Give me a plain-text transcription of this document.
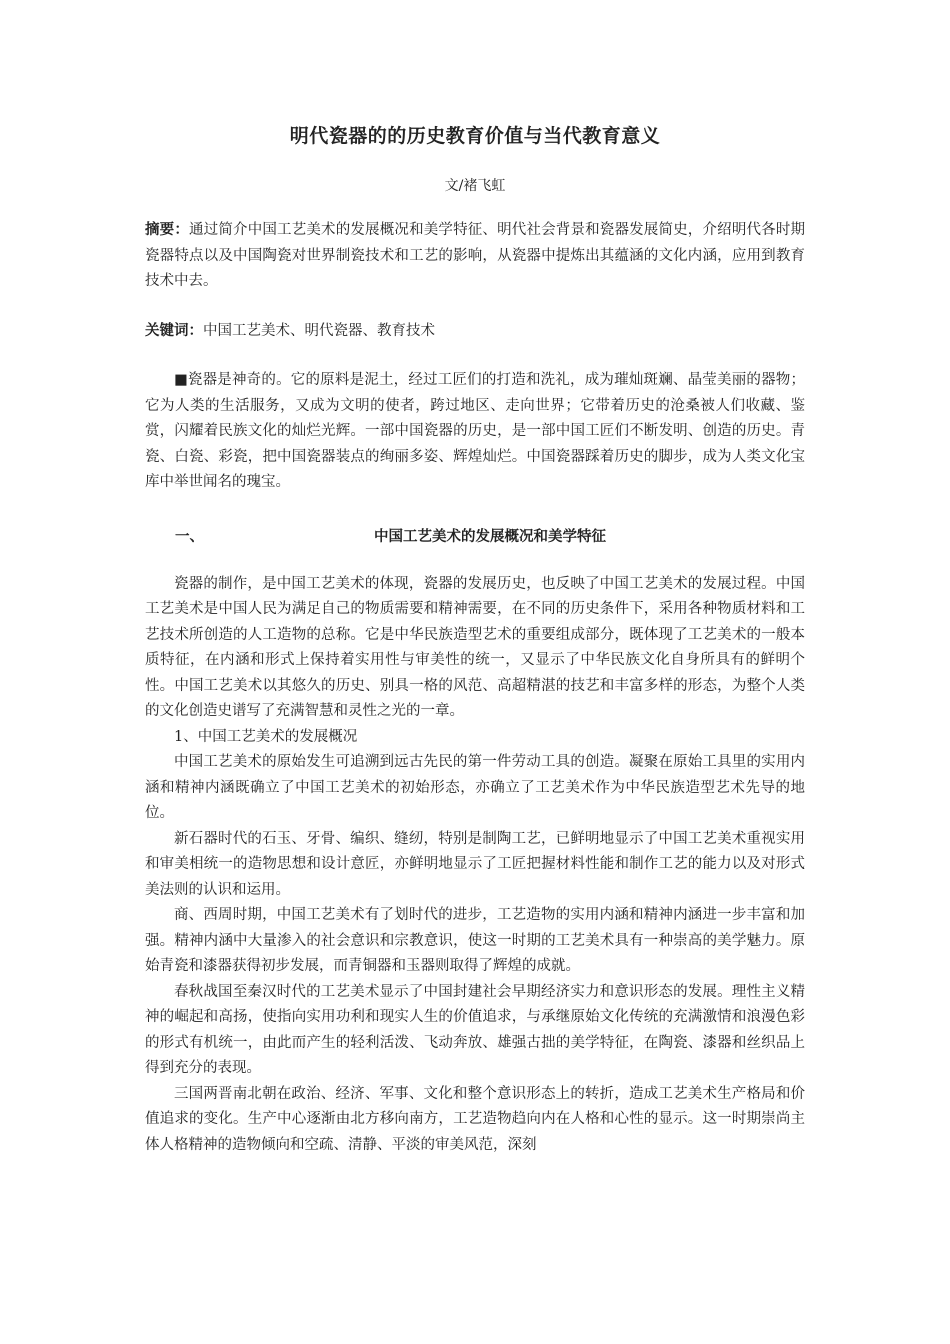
明代瓷器的的历史教育价值与当代教育意义
文/褚飞虹

摘要：通过简介中国工艺美术的发展概况和美学特征、明代社会背景和瓷器发展简史，介绍明代各时期瓷器特点以及中国陶瓷对世界制瓷技术和工艺的影响，从瓷器中提炼出其蕴涵的文化内涵，应用到教育技术中去。

关键词：中国工艺美术、明代瓷器、教育技术

■瓷器是神奇的。它的原料是泥土，经过工匠们的打造和洗礼，成为璀灿斑斓、晶莹美丽的器物；它为人类的生活服务，又成为文明的使者，跨过地区、走向世界；它带着历史的沧桑被人们收藏、鉴赏，闪耀着民族文化的灿烂光辉。一部中国瓷器的历史，是一部中国工匠们不断发明、创造的历史。青瓷、白瓷、彩瓷，把中国瓷器装点的绚丽多姿、辉煌灿烂。中国瓷器踩着历史的脚步，成为人类文化宝库中举世闻名的瑰宝。

中国工艺美术的发展概况和美学特征
一、

瓷器的制作，是中国工艺美术的体现，瓷器的发展历史，也反映了中国工艺美术的发展过程。中国工艺美术是中国人民为满足自己的物质需要和精神需要，在不同的历史条件下，采用各种物质材料和工艺技术所创造的人工造物的总称。它是中华民族造型艺术的重要组成部分，既体现了工艺美术的一般本质特征，在内涵和形式上保持着实用性与审美性的统一，又显示了中华民族文化自身所具有的鲜明个性。中国工艺美术以其悠久的历史、别具一格的风范、高超精湛的技艺和丰富多样的形态，为整个人类的文化创造史谱写了充满智慧和灵性之光的一章。

1、中国工艺美术的发展概况

中国工艺美术的原始发生可追溯到远古先民的第一件劳动工具的创造。凝聚在原始工具里的实用内涵和精神内涵既确立了中国工艺美术的初始形态，亦确立了工艺美术作为中华民族造型艺术先导的地位。

新石器时代的石玉、牙骨、编织、缝纫，特别是制陶工艺，已鲜明地显示了中国工艺美术重视实用和审美相统一的造物思想和设计意匠，亦鲜明地显示了工匠把握材料性能和制作工艺的能力以及对形式美法则的认识和运用。

商、西周时期，中国工艺美术有了划时代的进步，工艺造物的实用内涵和精神内涵进一步丰富和加强。精神内涵中大量渗入的社会意识和宗教意识，使这一时期的工艺美术具有一种崇高的美学魅力。原始青瓷和漆器获得初步发展，而青铜器和玉器则取得了辉煌的成就。

春秋战国至秦汉时代的工艺美术显示了中国封建社会早期经济实力和意识形态的发展。理性主义精神的崛起和高扬，使指向实用功利和现实人生的价值追求，与承继原始文化传统的充满激情和浪漫色彩的形式有机统一，由此而产生的轻利活泼、飞动奔放、雄强古拙的美学特征，在陶瓷、漆器和丝织品上得到充分的表现。

三国两晋南北朝在政治、经济、军事、文化和整个意识形态上的转折，造成工艺美术生产格局和价值追求的变化。生产中心逐渐由北方移向南方，工艺造物趋向内在人格和心性的显示。这一时期崇尚主体人格精神的造物倾向和空疏、清静、平淡的审美风范，深刻
